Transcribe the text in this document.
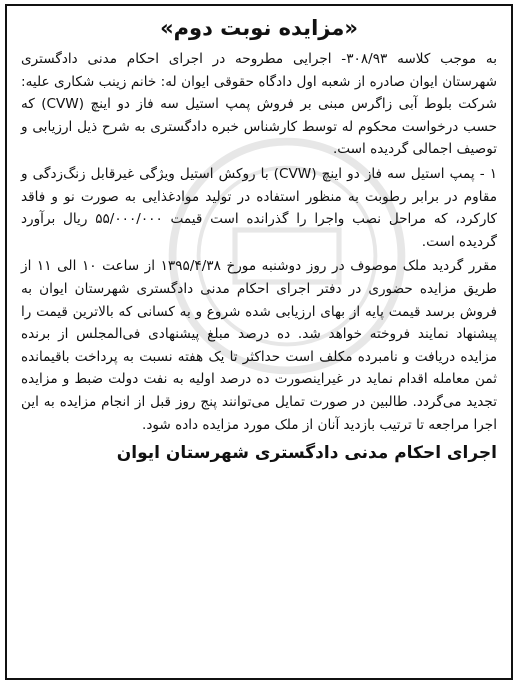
«مزایده نوبت دوم»

به موجب کلاسه ۳۰۸/۹۳- اجرایی مطروحه در اجرای احکام مدنی دادگستری شهرستان ایوان صادره از شعبه اول دادگاه حقوقی ایوان له: خانم زینب شکاری علیه: شرکت بلوط آبی زاگرس مبنی بر فروش پمپ استیل سه فاز دو اینچ (CVW) که حسب درخواست محکوم له توسط کارشناس خبره دادگستری به شرح ذیل ارزیابی و توصیف اجمالی گردیده است.

۱ - پمپ استیل سه فاز دو اینچ (CVW) با روکش استیل ویژگی غیرقابل زنگ‌زدگی و مقاوم در برابر رطوبت به منظور استفاده در تولید موادغذایی به صورت نو و فاقد کارکرد، که مراحل نصب واجرا را گذرانده است قیمت ۵۵/۰۰۰/۰۰۰ ریال برآورد گردیده است.

مقرر گردید ملک موصوف در روز دوشنبه مورخ ۱۳۹۵/۴/۳۸ از ساعت ۱۰ الی ۱۱ از طریق مزایده حضوری در دفتر اجرای احکام مدنی دادگستری شهرستان ایوان به فروش برسد قیمت پایه از بهای ارزیابی شده شروع و به کسانی که بالاترین قیمت را پیشنهاد نمایند فروخته خواهد شد. ده درصد مبلغ پیشنهادی فی‌المجلس از برنده مزایده دریافت و نامبرده مکلف است حداکثر تا یک هفته نسبت به پرداخت باقیمانده ثمن معامله اقدام نماید در غیراینصورت ده درصد اولیه به نفت دولت ضبط و مزایده تجدید می‌گردد. طالبین در صورت تمایل می‌توانند پنج روز قبل از انجام مزایده به این اجرا مراجعه تا ترتیب بازدید آنان از ملک مورد مزایده داده شود.

اجرای احکام مدنی دادگستری شهرستان ایوان
